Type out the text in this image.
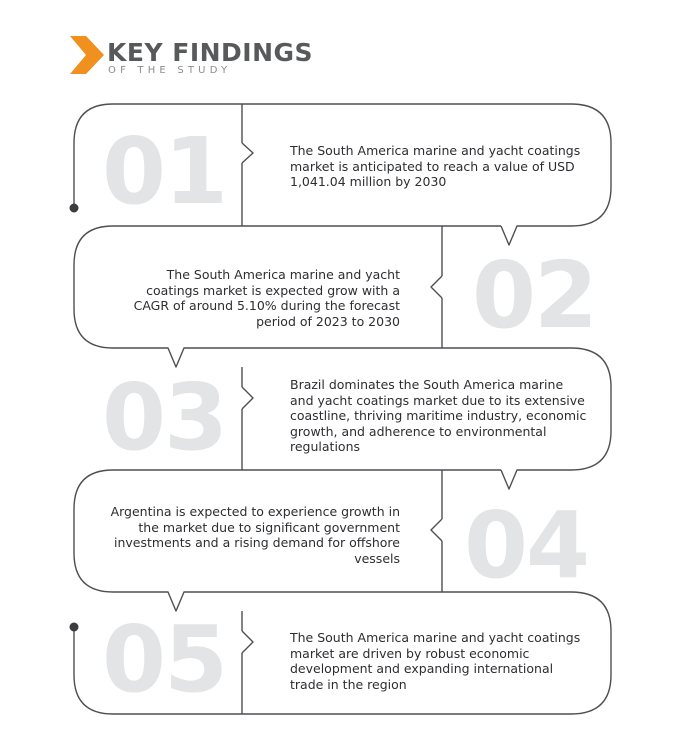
KEY FINDINGS
OF THE STUDY
01
02
03
04
05
The South America marine and yacht coatings market is anticipated to reach a value of USD 1,041.04 million by 2030
The South America marine and yacht coatings market is expected grow with a CAGR of around 5.10% during the forecast period of 2023 to 2030
Brazil dominates the South America marine and yacht coatings market due to its extensive coastline, thriving maritime industry, economic growth, and adherence to environmental regulations
Argentina is expected to experience growth in the market due to significant government investments and a rising demand for offshore vessels
The South America marine and yacht coatings market are driven by robust economic development and expanding international trade in the region
